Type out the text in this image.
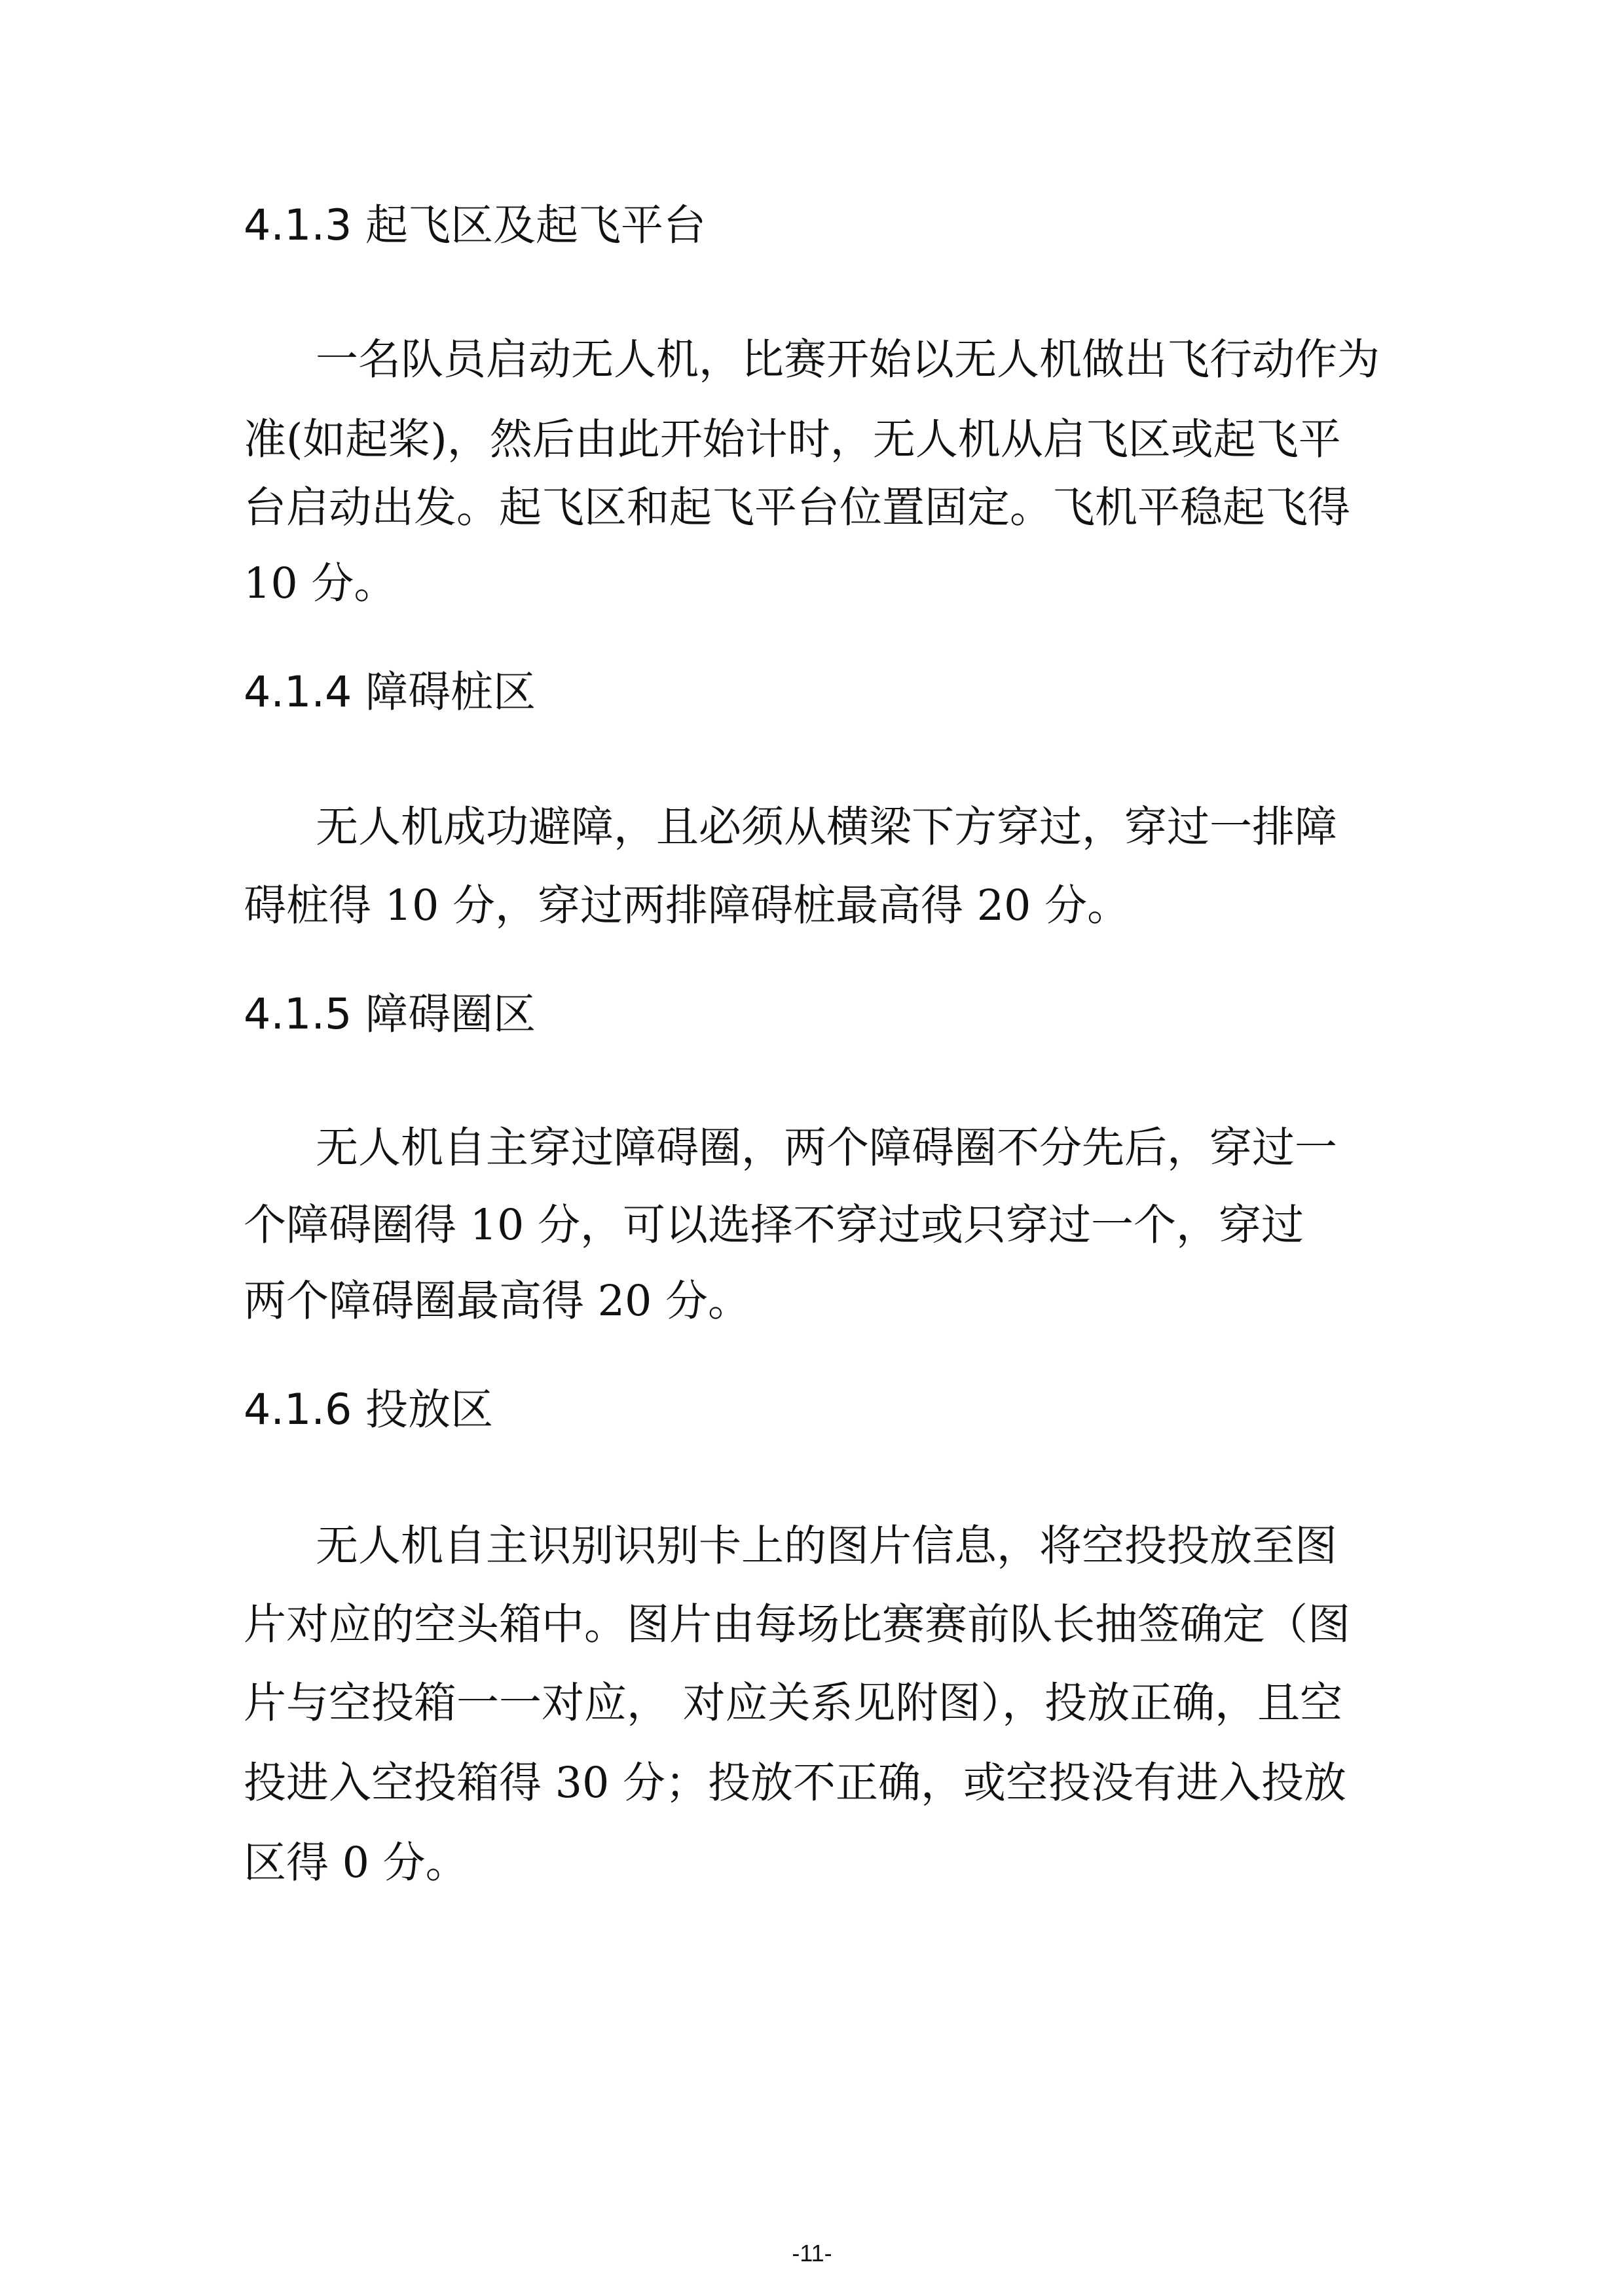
4.1.3 起飞区及起飞平台
一名队员启动无人机，比赛开始以无人机做出飞行动作为
准(如起桨)，然后由此开始计时，无人机从启飞区或起飞平
台启动出发。起飞区和起飞平台位置固定。飞机平稳起飞得
10 分。
4.1.4 障碍桩区
无人机成功避障，且必须从横梁下方穿过，穿过一排障
碍桩得 10 分，穿过两排障碍桩最高得 20 分。
4.1.5 障碍圈区
无人机自主穿过障碍圈，两个障碍圈不分先后，穿过一
个障碍圈得 10 分，可以选择不穿过或只穿过一个，穿过
两个障碍圈最高得 20 分。
4.1.6 投放区
无人机自主识别识别卡上的图片信息，将空投投放至图
片对应的空头箱中。图片由每场比赛赛前队长抽签确定（图
片与空投箱一一对应， 对应关系见附图），投放正确，且空
投进入空投箱得 30 分；投放不正确，或空投没有进入投放
区得 0 分。
-11-
